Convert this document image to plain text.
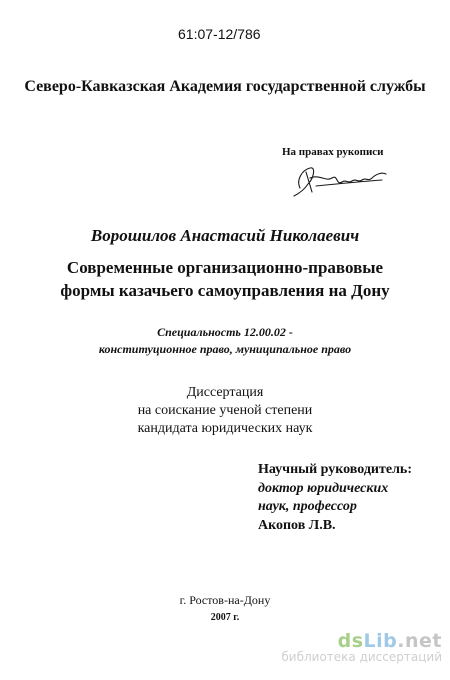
61:07-12/786
Северо-Кавказская Академия государственной службы
На правах рукописи
Ворошилов Анастасий Николаевич
Современные организационно-правовые
формы казачьего самоуправления на Дону
Специальность 12.00.02 -
конституционное право, муниципальное право
Диссертация
на соискание ученой степени
кандидата юридических наук
Научный руководитель:
доктор юридических
наук, профессор
Акопов Л.В.
г. Ростов-на-Дону
2007 г.
dsLib.net
библиотека диссертаций
